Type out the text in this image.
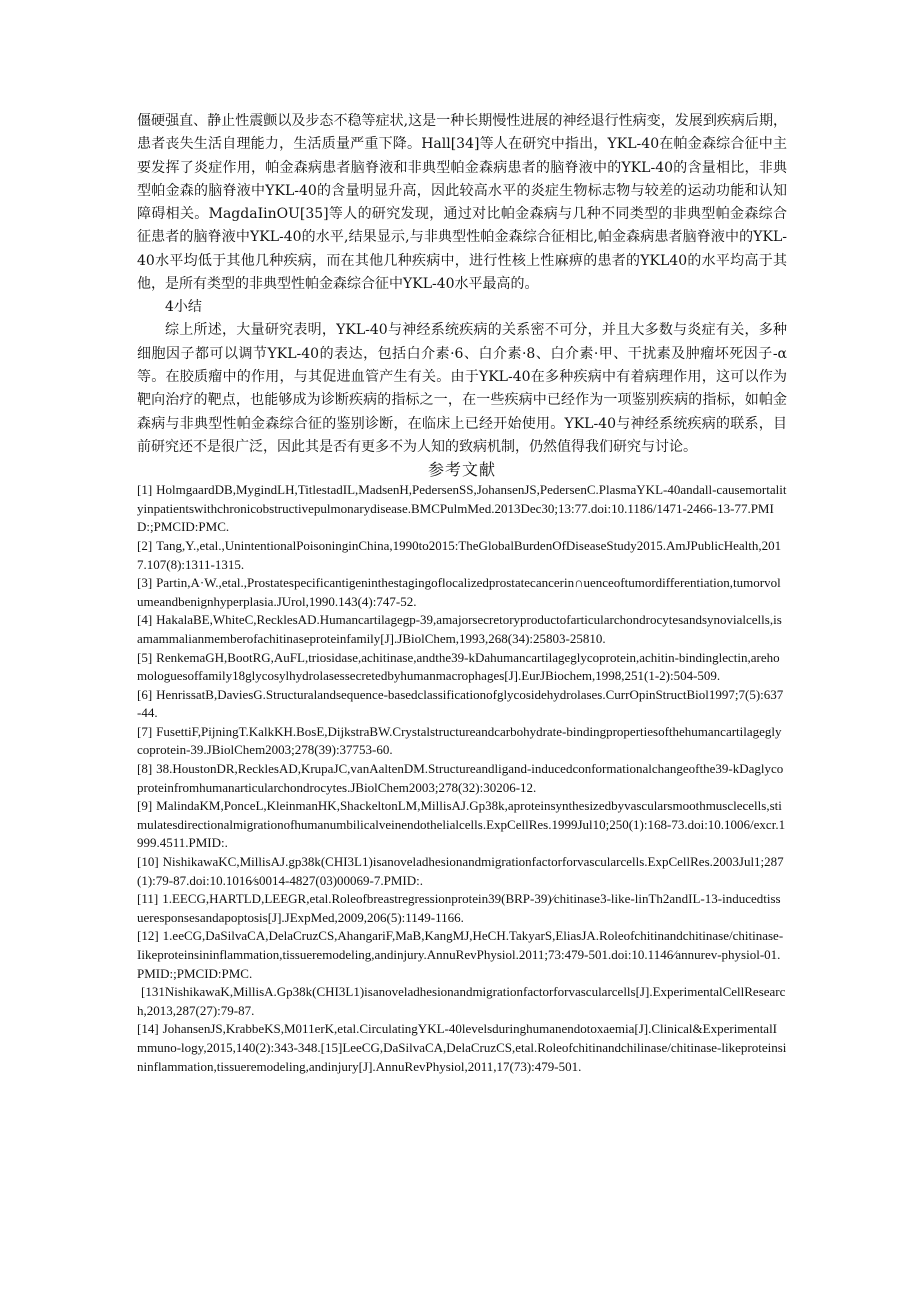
僵硬强直、静止性震颤以及步态不稳等症状,这是一种长期慢性进展的神经退行性病变，发展到疾病后期，患者丧失生活自理能力，生活质量严重下降。Hall[34]等人在研究中指出，YKL-40在帕金森综合征中主要发挥了炎症作用，帕金森病患者脑脊液和非典型帕金森病患者的脑脊液中的YKL-40的含量相比，非典型帕金森的脑脊液中YKL-40的含量明显升高，因此较高水平的炎症生物标志物与较差的运动功能和认知障碍相关。MagdaIinOU[35]等人的研究发现，通过对比帕金森病与几种不同类型的非典型帕金森综合征患者的脑脊液中YKL-40的水平,结果显示,与非典型性帕金森综合征相比,帕金森病患者脑脊液中的YKL-40水平均低于其他几种疾病，而在其他几种疾病中，进行性核上性麻痹的患者的YKL40的水平均高于其他，是所有类型的非典型性帕金森综合征中YKL-40水平最高的。

4小结

综上所述，大量研究表明，YKL-40与神经系统疾病的关系密不可分，并且大多数与炎症有关，多种细胞因子都可以调节YKL-40的表达，包括白介素·6、白介素·8、白介素·甲、干扰素及肿瘤坏死因子-α等。在胶质瘤中的作用，与其促进血管产生有关。由于YKL-40在多种疾病中有着病理作用，这可以作为靶向治疗的靶点，也能够成为诊断疾病的指标之一，在一些疾病中已经作为一项鉴别疾病的指标，如帕金森病与非典型性帕金森综合征的鉴别诊断，在临床上已经开始使用。YKL-40与神经系统疾病的联系，目前研究还不是很广泛，因此其是否有更多不为人知的致病机制，仍然值得我们研究与讨论。

参考文献

[1] HolmgaardDB,MygindLH,TitlestadIL,MadsenH,PedersenSS,JohansenJS,PedersenC.PlasmaYKL-40andall-causemortalityinpatientswithchronicobstructivepulmonarydisease.BMCPulmMed.2013Dec30;13:77.doi:10.1186/1471-2466-13-77.PMID:;PMCID:PMC.

[2] Tang,Y.,etal.,UnintentionalPoisoninginChina,1990to2015:TheGlobalBurdenOfDiseaseStudy2015.AmJPublicHealth,2017.107(8):1311-1315.

[3] Partin,A·W.,etal.,Prostatespecificantigeninthestagingoflocalizedprostatecancerin∩uenceoftumordifferentiation,tumorvolumeandbenignhyperplasia.JUrol,1990.143(4):747-52.

[4] HakalaBE,WhiteC,RecklesAD.Humancartilagegp-39,amajorsecretoryproductofarticularchondrocytesandsynovialcells,isamammalianmemberofachitinaseproteinfamily[J].JBiolChem,1993,268(34):25803-25810.

[5] RenkemaGH,BootRG,AuFL,triosidase,achitinase,andthe39-kDahumancartilageglycoprotein,achitin-bindinglectin,arehomologuesoffamily18glycosylhydrolasessecretedbyhumanmacrophages[J].EurJBiochem,1998,251(1-2):504-509.

[6] HenrissatB,DaviesG.Structuralandsequence-basedclassificationofglycosidehydrolases.CurrOpinStructBiol1997;7(5):637-44.

[7] FusettiF,PijningT.KalkKH.BosE,DijkstraBW.Crystalstructureandcarbohydrate-bindingpropertiesofthehumancartilageglycoprotein-39.JBiolChem2003;278(39):37753-60.

[8] 38.HoustonDR,RecklesAD,KrupaJC,vanAaltenDM.Structureandligand-inducedconformationalchangeofthe39-kDaglycoproteinfromhumanarticularchondrocytes.JBiolChem2003;278(32):30206-12.

[9] MalindaKM,PonceL,KleinmanHK,ShackeltonLM,MillisAJ.Gp38k,aproteinsynthesizedbyvascularsmoothmusclecells,stimulatesdirectionalmigrationofhumanumbilicalveinendothelialcells.ExpCellRes.1999Jul10;250(1):168-73.doi:10.1006/excr.1999.4511.PMID:.

[10] NishikawaKC,MillisAJ.gp38k(CHI3L1)isanoveladhesionandmigrationfactorforvascularcells.ExpCellRes.2003Jul1;287(1):79-87.doi:10.1016∕s0014-4827(03)00069-7.PMID:.

[11] 1.EECG,HARTLD,LEEGR,etal.Roleofbreastregressionprotein39(BRP-39)∕chitinase3-like-linTh2andIL-13-inducedtissueresponsesandapoptosis[J].JExpMed,2009,206(5):1149-1166.

[12] 1.eeCG,DaSilvaCA,DelaCruzCS,AhangariF,MaB,KangMJ,HeCH.TakyarS,EliasJA.Roleofchitinandchitinase/chitinase-Iikeproteinsininflammation,tissueremodeling,andinjury.AnnuRevPhysiol.2011;73:479-501.doi:10.1146∕annurev-physiol-01.PMID:;PMCID:PMC.

[131NishikawaK,MillisA.Gp38k(CHI3L1)isanoveladhesionandmigrationfactorforvascularcells[J].ExperimentalCellResearch,2013,287(27):79-87.

[14] JohansenJS,KrabbeKS,M011erK,etal.CirculatingYKL-40levelsduringhumanendotoxaemia[J].Clinical&ExperimentalImmuno-logy,2015,140(2):343-348.[15]LeeCG,DaSilvaCA,DelaCruzCS,etal.Roleofchitinandchilinase/chitinase-likeproteinsininflammation,tissueremodeling,andinjury[J].AnnuRevPhysiol,2011,17(73):479-501.
